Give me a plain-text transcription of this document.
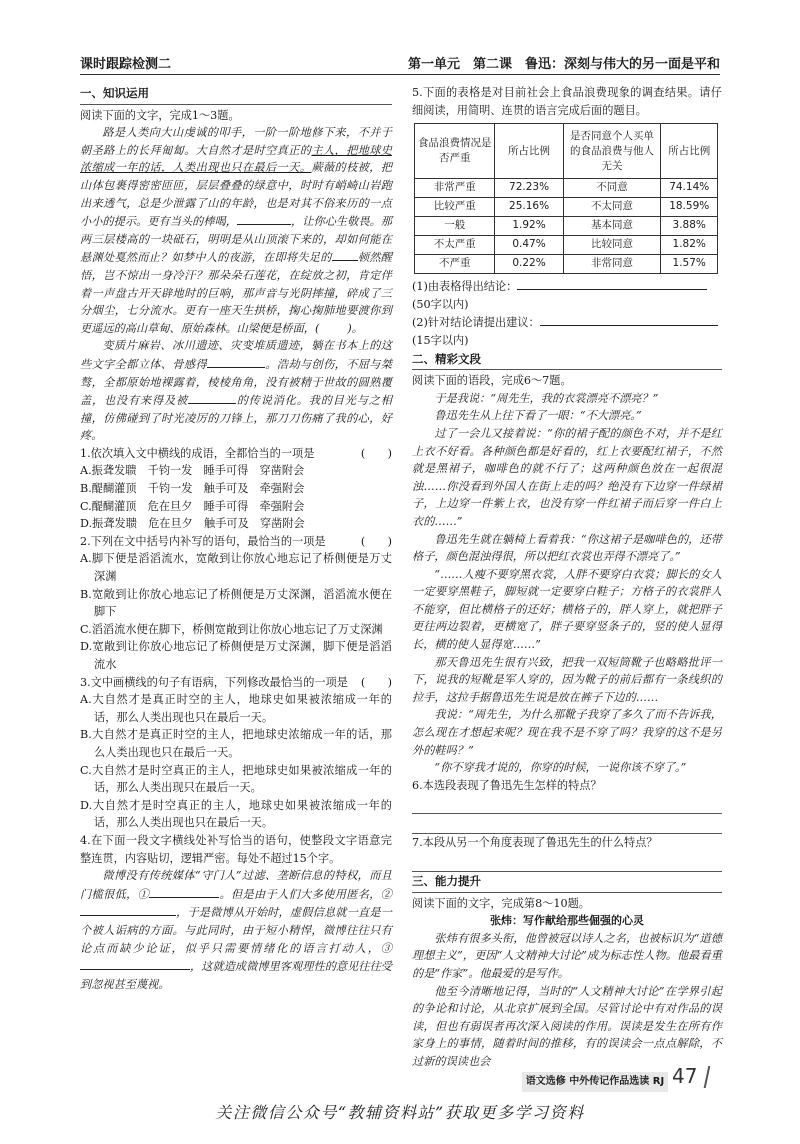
课时跟踪检测二	第一单元　第二课　鲁迅：深刻与伟大的另一面是平和
一、知识运用

阅读下面的文字，完成1～3题。

路是人类向大山虔诚的叩手，一阶一阶地修下来，不并于朝圣路上的长拜匍匐。大自然才是时空真正的主人，把地球史浓缩成一年的话，人类出现也只在最后一天。蕨薇的枝被，把山体包裹得密密匝匝，层层叠叠的绿意中，时时有峭崎山岩跑出来透气，总是少泄露了山的年龄，也是对其不俗来历的一点小小的提示。更有当头的棒喝，	，让你心生敬畏。那两三层楼高的一块砥石，明明是从山顶滚下来的，却如何能在悬渊处戛然而止？如梦中人的夜游，在即将失足的 顿然醒悟，岂不惊出一身冷汗？那朵朵石莲花，在绽放之初，肯定伴着一声盘古开天辟地时的巨响，那声音与光阴摔撞，碎成了三分烟尘，七分流水。更有一座天生拱桥，掬心掬肺地要渡你到更遥远的高山草甸、原始森林。山梁便是桥面，(	)。

变质片麻岩、冰川遗迹、灾变堆质遗迹，躺在书本上的这些文字全都立体、骨感得	。浩劫与创伤，不屈与桀骜，全都原始地裸露着，棱棱角角，没有被精于世故的圆熟覆盖，也没有来得及被	的传说消化。我的目光与之相撞，仿佛碰到了时光凌厉的刀锋上，那刀刀伤痛了我的心，好疼。

1.依次填入文中横线的成语，全都恰当的一项是	(　　)

A.振聋发聩　千钧一发　睡手可得　穿凿附会

B.醍醐灌顶　千钧一发　触手可及　牵强附会

C.醍醐灌顶　危在旦夕　睡手可得　牵强附会

D.振聋发聩　危在旦夕　触手可及　穿凿附会

2.下列在文中括号内补写的语句，最恰当的一项是	(　　)

A.脚下便是滔滔流水，宽敞到让你放心地忘记了桥侧便是万丈深渊

B.宽敞到让你放心地忘记了桥侧便是万丈深渊，滔滔流水便在脚下

C.滔滔流水便在脚下，桥侧宽敞到让你放心地忘记了万丈深渊

D.宽敞到让你放心地忘记了桥侧便是万丈深渊，脚下便是滔滔流水

3.文中画横线的句子有语病，下列修改最恰当的一项是	(　　)

A.大自然才是真正时空的主人，地球史如果被浓缩成一年的话，那么人类出现也只在最后一天。

B.大自然才是真正时空的主人，把地球史浓缩成一年的话，那么人类出现也只在最后一天。

C.大自然才是时空真正的主人，把地球史如果被浓缩成一年的话，那么人类出现只在最后一天。

D.大自然才是时空真正的主人，地球史如果被浓缩成一年的话，那么人类出现也只在最后一天。

4.在下面一段文字横线处补写恰当的语句，使整段文字语意完整连贯，内容贴切，逻辑严密。每处不超过15个字。

微博没有传统媒体“守门人”过滤、垄断信息的特权，而且门槛很低，①	。但是由于人们大多使用匿名，②，于是微博从开始时，虚假信息就一直是一个被人诟病的方面。与此同时，由于短小精悍，微博往往只有论点而缺少论证，似乎只需要情绪化的语言打动人，③，这就造成微博里客观理性的意见往往受到忽视甚至蔑视。

5.下面的表格是对目前社会上食品浪费现象的调查结果。请仔细阅读，用简明、连贯的语言完成后面的题目。

食品浪费情况是否严重	所占比例	是否同意个人买单的食品浪费与他人无关	所占比例
非常严重	72.23%	不同意	74.14%
比较严重	25.16%	不太同意	18.59%
一般	1.92%	基本同意	3.88%
不太严重	0.47%	比较同意	1.82%
不严重	0.22%	非常同意	1.57%

(1)由表格得出结论：

(50字以内)

(2)针对结论请提出建议：

(15字以内)

二、精彩文段

阅读下面的语段，完成6～7题。

于是我说：“周先生，我的衣裳漂亮不漂亮？”

鲁迅先生从上往下看了一眼：“不大漂亮。”

过了一会儿又接着说：“你的裙子配的颜色不对，并不是红上衣不好看。各种颜色都是好看的，红上衣要配红裙子，不然就是黑裙子，咖啡色的就不行了；这两种颜色放在一起很混浊……你没看到外国人在街上走的吗？绝没有下边穿一件绿裙子，上边穿一件紫上衣，也没有穿一件红裙子而后穿一件白上衣的……”

鲁迅先生就在躺椅上看着我：“你这裙子是咖啡色的，还带格子，颜色混浊得很，所以把红衣裳也弄得不漂亮了。”

“……人瘦不要穿黑衣裳，人胖不要穿白衣裳；脚长的女人一定要穿黑鞋子，脚短就一定要穿白鞋子；方格子的衣裳胖人不能穿，但比横格子的还好；横格子的，胖人穿上，就把胖子更往两边裂着，更横宽了，胖子要穿竖条子的，竖的使人显得长，横的使人显得宽……”

那天鲁迅先生很有兴致，把我一双短筒靴子也略略批评一下，说我的短靴是军人穿的，因为靴子的前后都有一条线织的拉手，这拉手据鲁迅先生说是放在裤子下边的……

我说：“周先生，为什么那靴子我穿了多久了而不告诉我，怎么现在才想起来呢？现在我不是不穿了吗？我穿的这不是另外的鞋吗？”

“你不穿我才说的，你穿的时候，一说你该不穿了。”

6.本选段表现了鲁迅先生怎样的特点？

7.本段从另一个角度表现了鲁迅先生的什么特点？

三、能力提升

阅读下面的文字，完成第8～10题。

张炜：写作献给那些倔强的心灵

张炜有很多头衔，他曾被冠以诗人之名，也被标识为“道德理想主义”，更因“人文精神大讨论”成为标志性人物。他最看重的是“作家”。他最爱的是写作。

他至今清晰地记得，当时的“人文精神大讨论”在学界引起的争论和讨论，从北京扩展到全国。尽管讨论中有对作品的误读，但也有弱误者再次深入阅读的作用。误读是发生在所有作家身上的事情，随着时间的推移，有的误读会一点点解除，不过新的误读也会

语文选修 中外传记作品选读 RJ 47
关注微信公众号“教辅资料站”获取更多学习资料
